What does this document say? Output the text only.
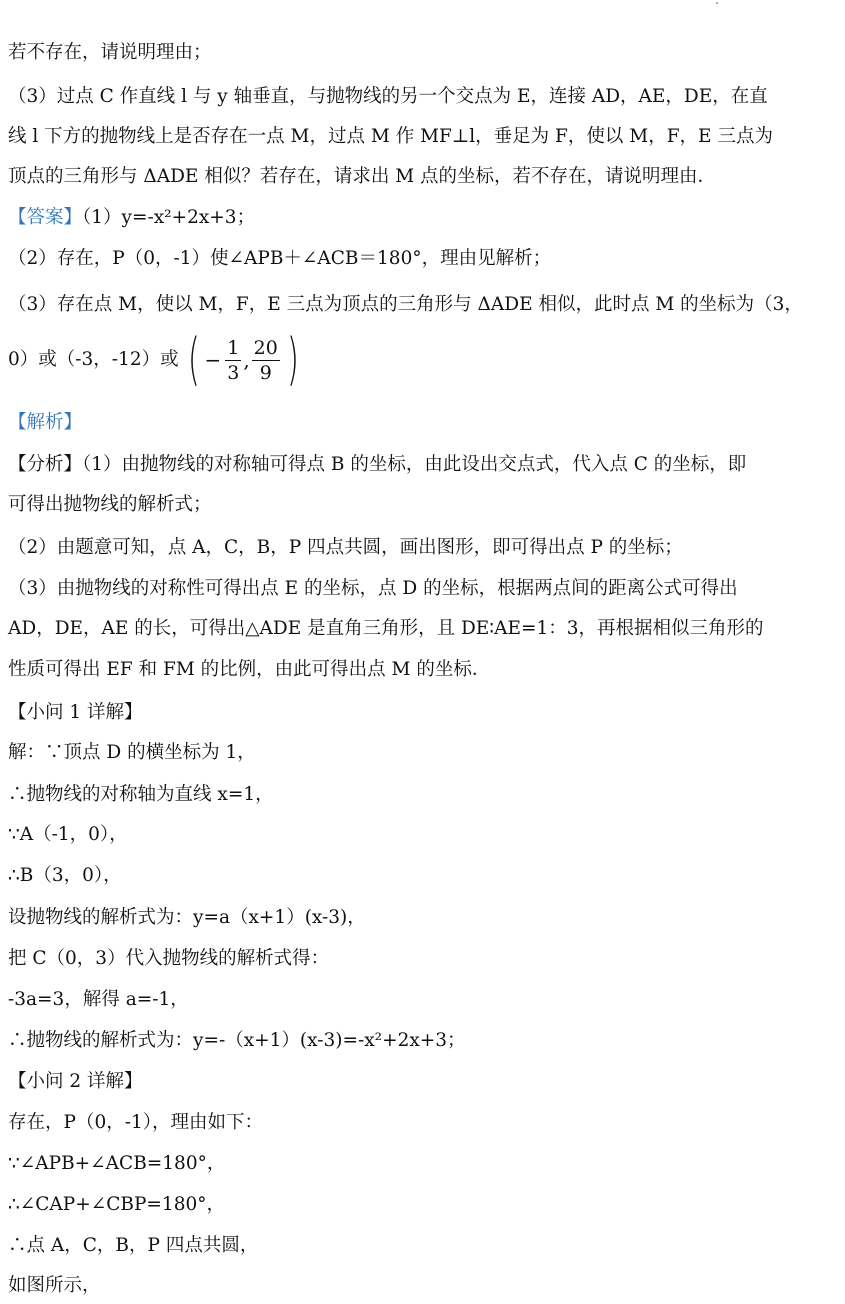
若不存在，请说明理由；
（3）过点 C 作直线 l 与 y 轴垂直，与抛物线的另一个交点为 E，连接 AD，AE，DE，在直
线 l 下方的抛物线上是否存在一点 M，过点 M 作 MF⊥l，垂足为 F，使以 M，F，E 三点为
顶点的三角形与 ΔADE 相似？若存在，请求出 M 点的坐标，若不存在，请说明理由．
【答案】（1）y=-x²+2x+3；
（2）存在，P（0，-1）使∠APB＋∠ACB＝180°，理由见解析；
（3）存在点 M，使以 M，F，E 三点为顶点的三角形与 ΔADE 相似，此时点 M 的坐标为（3，
0）或（-3，-12）或 ( − $\frac{1}{3}$ , $\frac{20}{9}$ )
【解析】
【分析】（1）由抛物线的对称轴可得点 B 的坐标，由此设出交点式，代入点 C 的坐标，即
可得出抛物线的解析式；
（2）由题意可知，点 A，C，B，P 四点共圆，画出图形，即可得出点 P 的坐标；
（3）由抛物线的对称性可得出点 E 的坐标，点 D 的坐标，根据两点间的距离公式可得出
AD，DE，AE 的长，可得出△ADE 是直角三角形，且 DE∶AE=1：3，再根据相似三角形的
性质可得出 EF 和 FM 的比例，由此可得出点 M 的坐标．
【小问 1 详解】
解：∵顶点 D 的横坐标为 1，
∴抛物线的对称轴为直线 x=1，
∵A（-1，0），
∴B（3，0），
设抛物线的解析式为：y=a（x+1）(x-3)，
把 C（0，3）代入抛物线的解析式得：
-3a=3，解得 a=-1，
∴抛物线的解析式为：y=-（x+1）(x-3)=-x²+2x+3；
【小问 2 详解】
存在，P（0，-1），理由如下：
∵∠APB+∠ACB=180°，
∴∠CAP+∠CBP=180°，
∴点 A，C，B，P 四点共圆，
如图所示，
